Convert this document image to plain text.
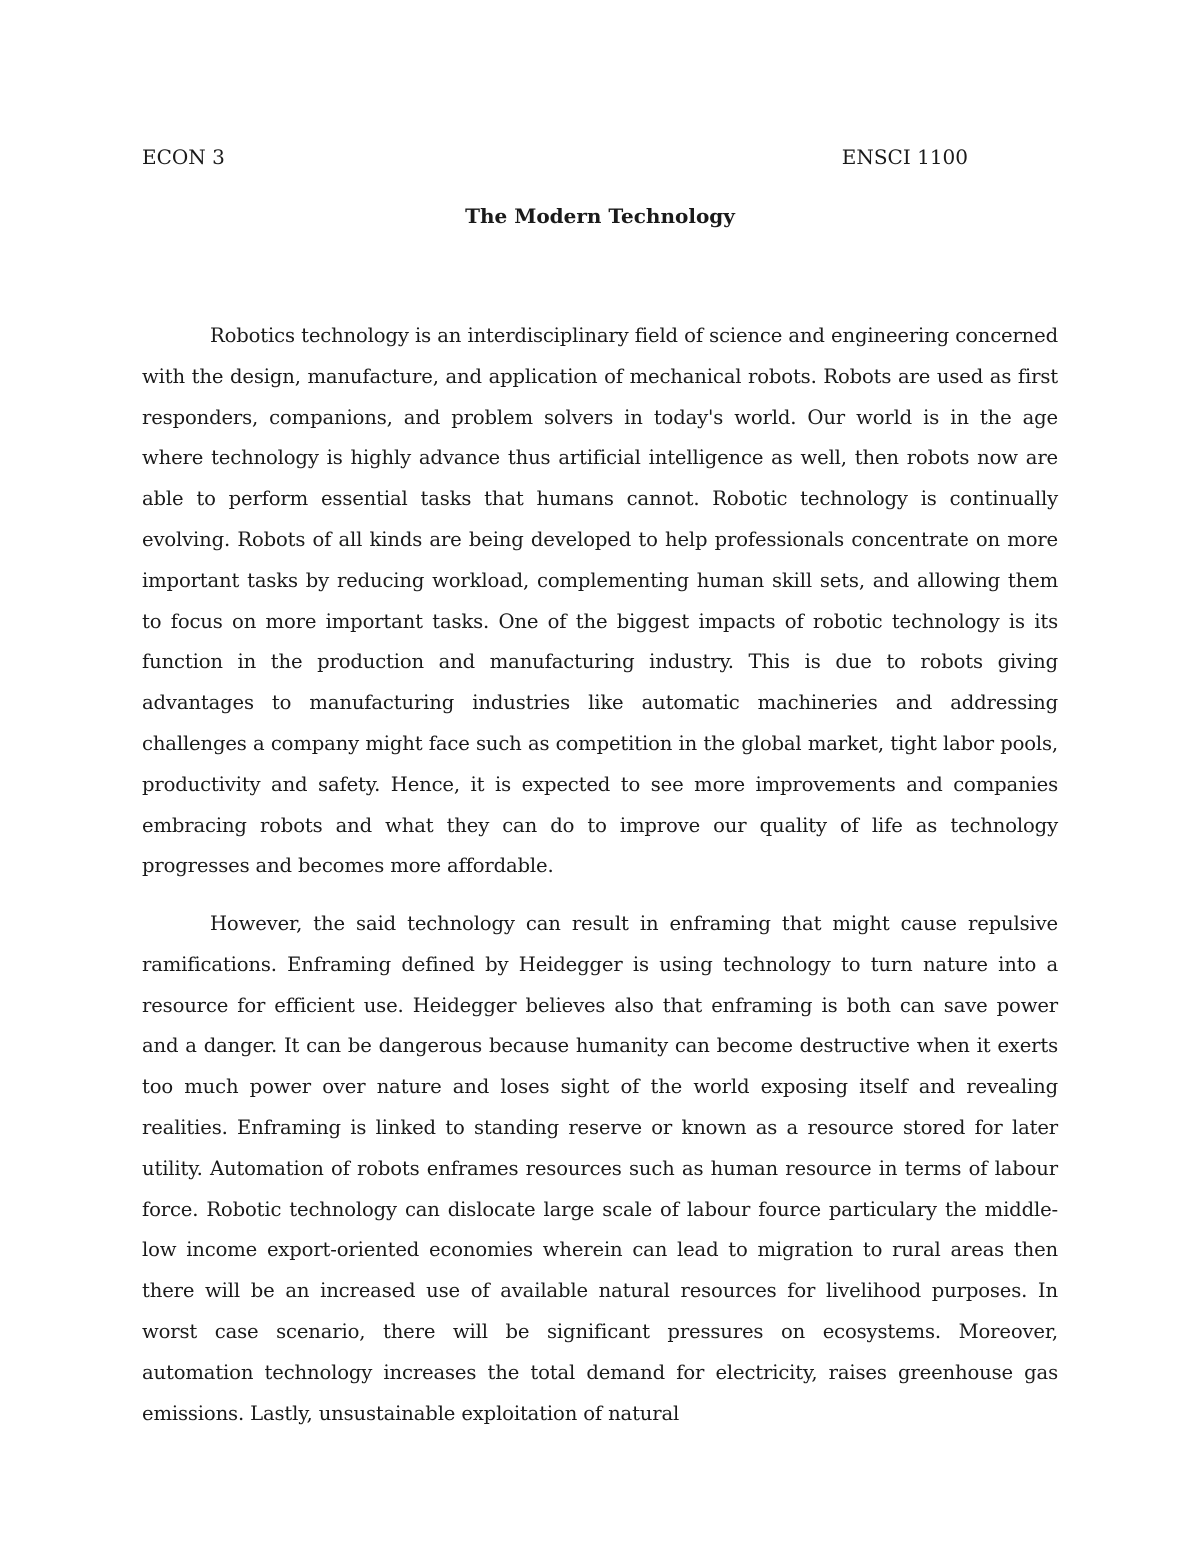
ECON 3	ENSCI 1100
The Modern Technology

Robotics technology is an interdisciplinary field of science and engineering concerned with the design, manufacture, and application of mechanical robots. Robots are used as first responders, companions, and problem solvers in today's world. Our world is in the age where technology is highly advance thus artificial intelligence as well, then robots now are able to perform essential tasks that humans cannot. Robotic technology is continually evolving. Robots of all kinds are being developed to help professionals concentrate on more important tasks by reducing workload, complementing human skill sets, and allowing them to focus on more important tasks. One of the biggest impacts of robotic technology is its function in the production and manufacturing industry. This is due to robots giving advantages to manufacturing industries like automatic machineries and addressing challenges a company might face such as competition in the global market, tight labor pools, productivity and safety. Hence, it is expected to see more improvements and companies embracing robots and what they can do to improve our quality of life as technology progresses and becomes more affordable.

However, the said technology can result in enframing that might cause repulsive ramifications. Enframing defined by Heidegger is using technology to turn nature into a resource for efficient use. Heidegger believes also that enframing is both can save power and a danger. It can be dangerous because humanity can become destructive when it exerts too much power over nature and loses sight of the world exposing itself and revealing realities. Enframing is linked to standing reserve or known as a resource stored for later utility. Automation of robots enframes resources such as human resource in terms of labour force. Robotic technology can dislocate large scale of labour fource particulary the middle-low income export-oriented economies wherein can lead to migration to rural areas then there will be an increased use of available natural resources for livelihood purposes. In worst case scenario, there will be significant pressures on ecosystems. Moreover, automation technology increases the total demand for electricity, raises greenhouse gas emissions. Lastly, unsustainable exploitation of natural
